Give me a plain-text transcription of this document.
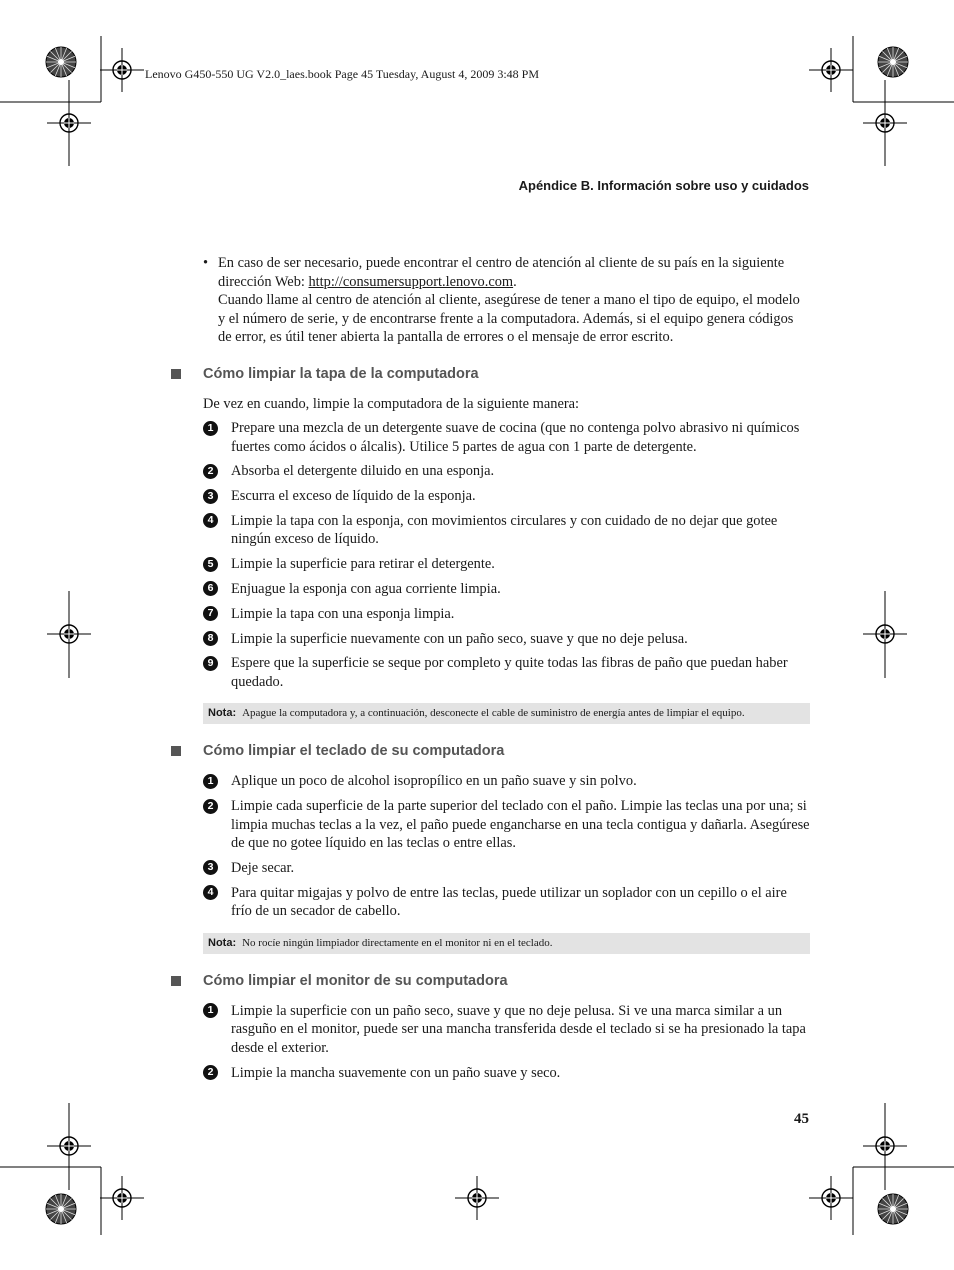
Lenovo G450-550 UG V2.0_laes.book Page 45 Tuesday, August 4, 2009 3:48 PM
Apéndice B. Información sobre uso y cuidados
• En caso de ser necesario, puede encontrar el centro de atención al cliente de su país en la siguiente dirección Web: http://consumersupport.lenovo.com.

Cuando llame al centro de atención al cliente, asegúrese de tener a mano el tipo de equipo, el modelo y el número de serie, y de encontrarse frente a la computadora. Además, si el equipo genera códigos de error, es útil tener abierta la pantalla de errores o el mensaje de error escrito.

Cómo limpiar la tapa de la computadora

De vez en cuando, limpie la computadora de la siguiente manera:

1	Prepare una mezcla de un detergente suave de cocina (que no contenga polvo abrasivo ni químicos fuertes como ácidos o álcalis). Utilice 5 partes de agua con 1 parte de detergente.
2	Absorba el detergente diluido en una esponja.
3	Escurra el exceso de líquido de la esponja.
4	Limpie la tapa con la esponja, con movimientos circulares y con cuidado de no dejar que gotee ningún exceso de líquido.
5	Limpie la superficie para retirar el detergente.
6	Enjuague la esponja con agua corriente limpia.
7	Limpie la tapa con una esponja limpia.
8	Limpie la superficie nuevamente con un paño seco, suave y que no deje pelusa.
9	Espere que la superficie se seque por completo y quite todas las fibras de paño que puedan haber quedado.
Nota: Apague la computadora y, a continuación, desconecte el cable de suministro de energía antes de limpiar el equipo.
Cómo limpiar el teclado de su computadora
1	Aplique un poco de alcohol isopropílico en un paño suave y sin polvo.
2	Limpie cada superficie de la parte superior del teclado con el paño. Limpie las teclas una por una; si limpia muchas teclas a la vez, el paño puede engancharse en una tecla contigua y dañarla. Asegúrese de que no gotee líquido en las teclas o entre ellas.
3	Deje secar.
4	Para quitar migajas y polvo de entre las teclas, puede utilizar un soplador con un cepillo o el aire frío de un secador de cabello.
Nota: No rocíe ningún limpiador directamente en el monitor ni en el teclado.
Cómo limpiar el monitor de su computadora
1	Limpie la superficie con un paño seco, suave y que no deje pelusa. Si ve una marca similar a un rasguño en el monitor, puede ser una mancha transferida desde el teclado si se ha presionado la tapa desde el exterior.
2	Limpie la mancha suavemente con un paño suave y seco.
45
